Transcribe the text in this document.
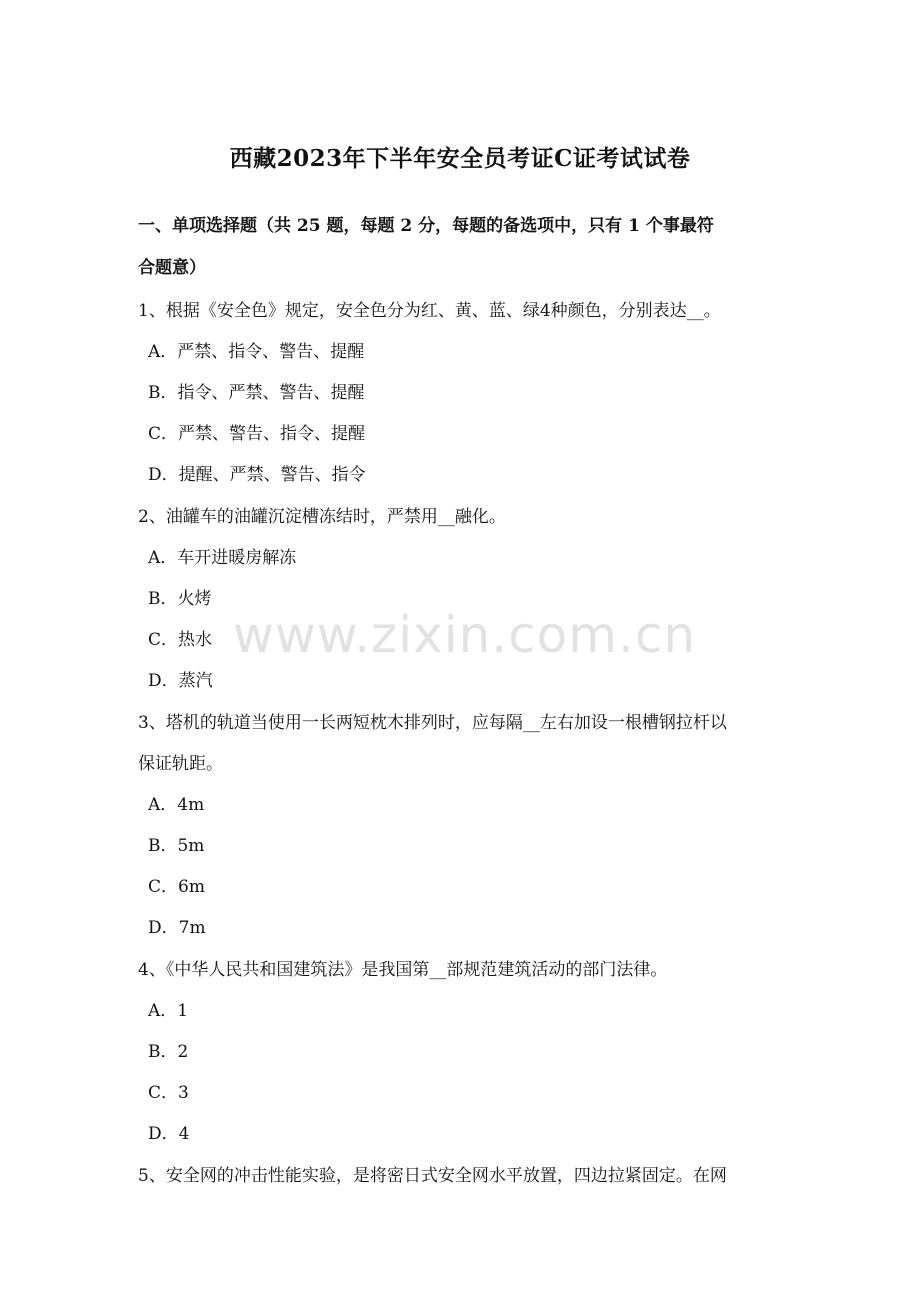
西藏2023年下半年安全员考证C证考试试卷
一、单项选择题（共 25 题，每题 2 分，每题的备选项中，只有 1 个事最符
合题意）
1、根据《安全色》规定，安全色分为红、黄、蓝、绿4种颜色，分别表达__。
A．严禁、指令、警告、提醒
B．指令、严禁、警告、提醒
C．严禁、警告、指令、提醒
D．提醒、严禁、警告、指令
2、油罐车的油罐沉淀槽冻结时，严禁用__融化。
A．车开进暖房解冻
B．火烤
C．热水
D．蒸汽
3、塔机的轨道当使用一长两短枕木排列时，应每隔__左右加设一根槽钢拉杆以
保证轨距。
A．4m
B．5m
C．6m
D．7m
4、《中华人民共和国建筑法》是我国第__部规范建筑活动的部门法律。
A．1
B．2
C．3
D．4
5、安全网的冲击性能实验，是将密日式安全网水平放置，四边拉紧固定。在网
www.zixin.com.cn
